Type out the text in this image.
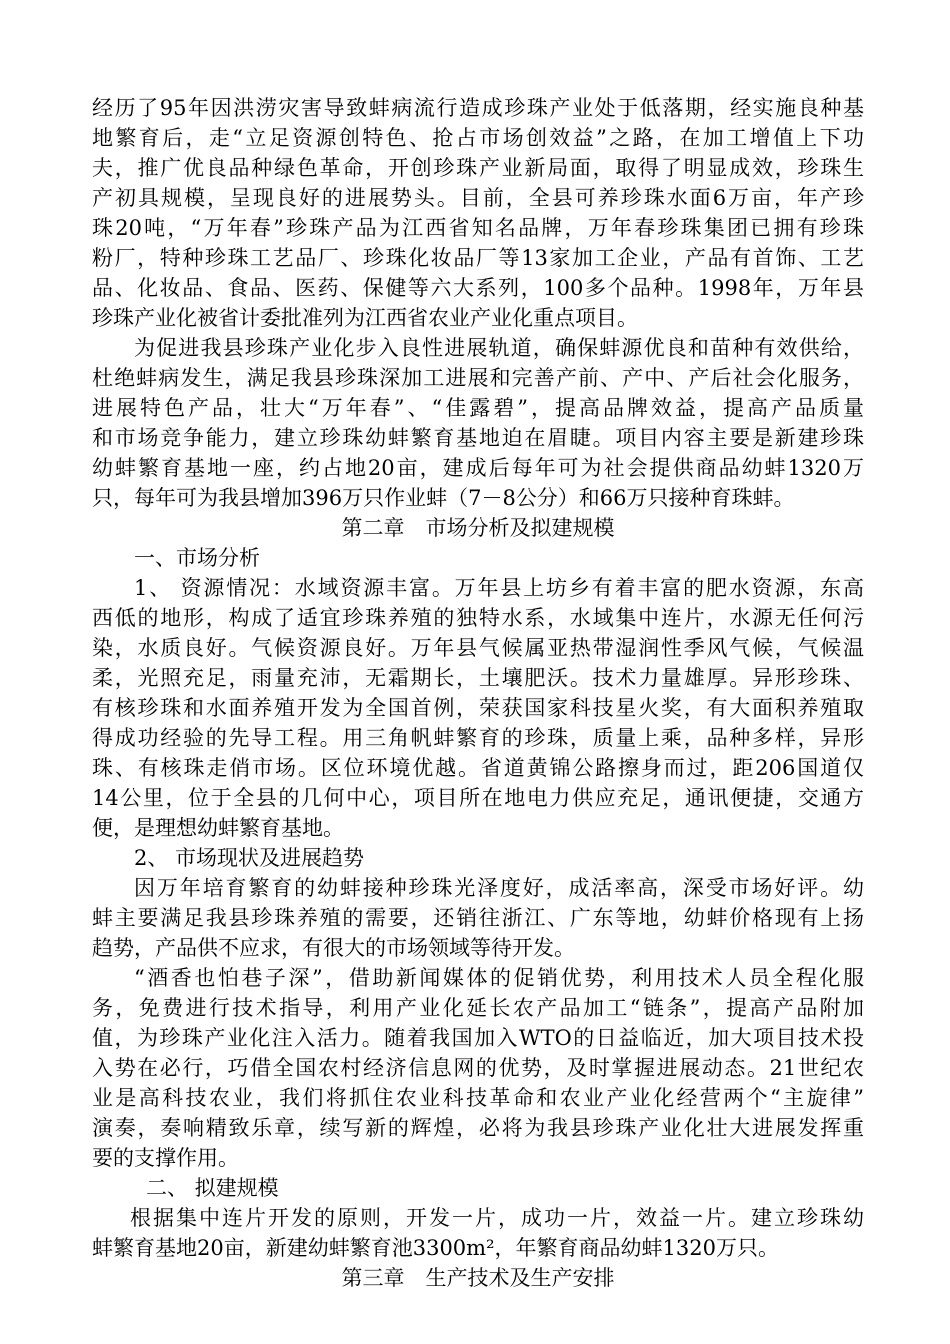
经历了95年因洪涝灾害导致蚌病流行造成珍珠产业处于低落期，经实施良种基
地繁育后，走“立足资源创特色、抢占市场创效益”之路，在加工增值上下功
夫，推广优良品种绿色革命，开创珍珠产业新局面，取得了明显成效，珍珠生
产初具规模，呈现良好的进展势头。目前，全县可养珍珠水面6万亩，年产珍
珠20吨，“万年春”珍珠产品为江西省知名品牌，万年春珍珠集团已拥有珍珠
粉厂，特种珍珠工艺品厂、珍珠化妆品厂等13家加工企业，产品有首饰、工艺
品、化妆品、食品、医药、保健等六大系列，100多个品种。1998年，万年县
珍珠产业化被省计委批准列为江西省农业产业化重点项目。
为促进我县珍珠产业化步入良性进展轨道，确保蚌源优良和苗种有效供给，
杜绝蚌病发生，满足我县珍珠深加工进展和完善产前、产中、产后社会化服务，
进展特色产品，壮大“万年春”、“佳露碧”，提高品牌效益，提高产品质量
和市场竞争能力，建立珍珠幼蚌繁育基地迫在眉睫。项目内容主要是新建珍珠
幼蚌繁育基地一座，约占地20亩，建成后每年可为社会提供商品幼蚌1320万
只，每年可为我县增加396万只作业蚌（7－8公分）和66万只接种育珠蚌。
第二章　市场分析及拟建规模
一、市场分析
1、 资源情况：水域资源丰富。万年县上坊乡有着丰富的肥水资源，东高
西低的地形，构成了适宜珍珠养殖的独特水系，水域集中连片，水源无任何污
染，水质良好。气候资源良好。万年县气候属亚热带湿润性季风气候，气候温
柔，光照充足，雨量充沛，无霜期长，土壤肥沃。技术力量雄厚。异形珍珠、
有核珍珠和水面养殖开发为全国首例，荣获国家科技星火奖，有大面积养殖取
得成功经验的先导工程。用三角帆蚌繁育的珍珠，质量上乘，品种多样，异形
珠、有核珠走俏市场。区位环境优越。省道黄锦公路擦身而过，距206国道仅
14公里，位于全县的几何中心，项目所在地电力供应充足，通讯便捷，交通方
便，是理想幼蚌繁育基地。
2、 市场现状及进展趋势
因万年培育繁育的幼蚌接种珍珠光泽度好，成活率高，深受市场好评。幼
蚌主要满足我县珍珠养殖的需要，还销往浙江、广东等地，幼蚌价格现有上扬
趋势，产品供不应求，有很大的市场领域等待开发。
“酒香也怕巷子深”，借助新闻媒体的促销优势，利用技术人员全程化服
务，免费进行技术指导，利用产业化延长农产品加工“链条”，提高产品附加
值，为珍珠产业化注入活力。随着我国加入WTO的日益临近，加大项目技术投
入势在必行，巧借全国农村经济信息网的优势，及时掌握进展动态。21世纪农
业是高科技农业，我们将抓住农业科技革命和农业产业化经营两个“主旋律”
演奏，奏响精致乐章，续写新的辉煌，必将为我县珍珠产业化壮大进展发挥重
要的支撑作用。
二、 拟建规模
根据集中连片开发的原则，开发一片，成功一片，效益一片。建立珍珠幼
蚌繁育基地20亩，新建幼蚌繁育池3300m²，年繁育商品幼蚌1320万只。
第三章　生产技术及生产安排
